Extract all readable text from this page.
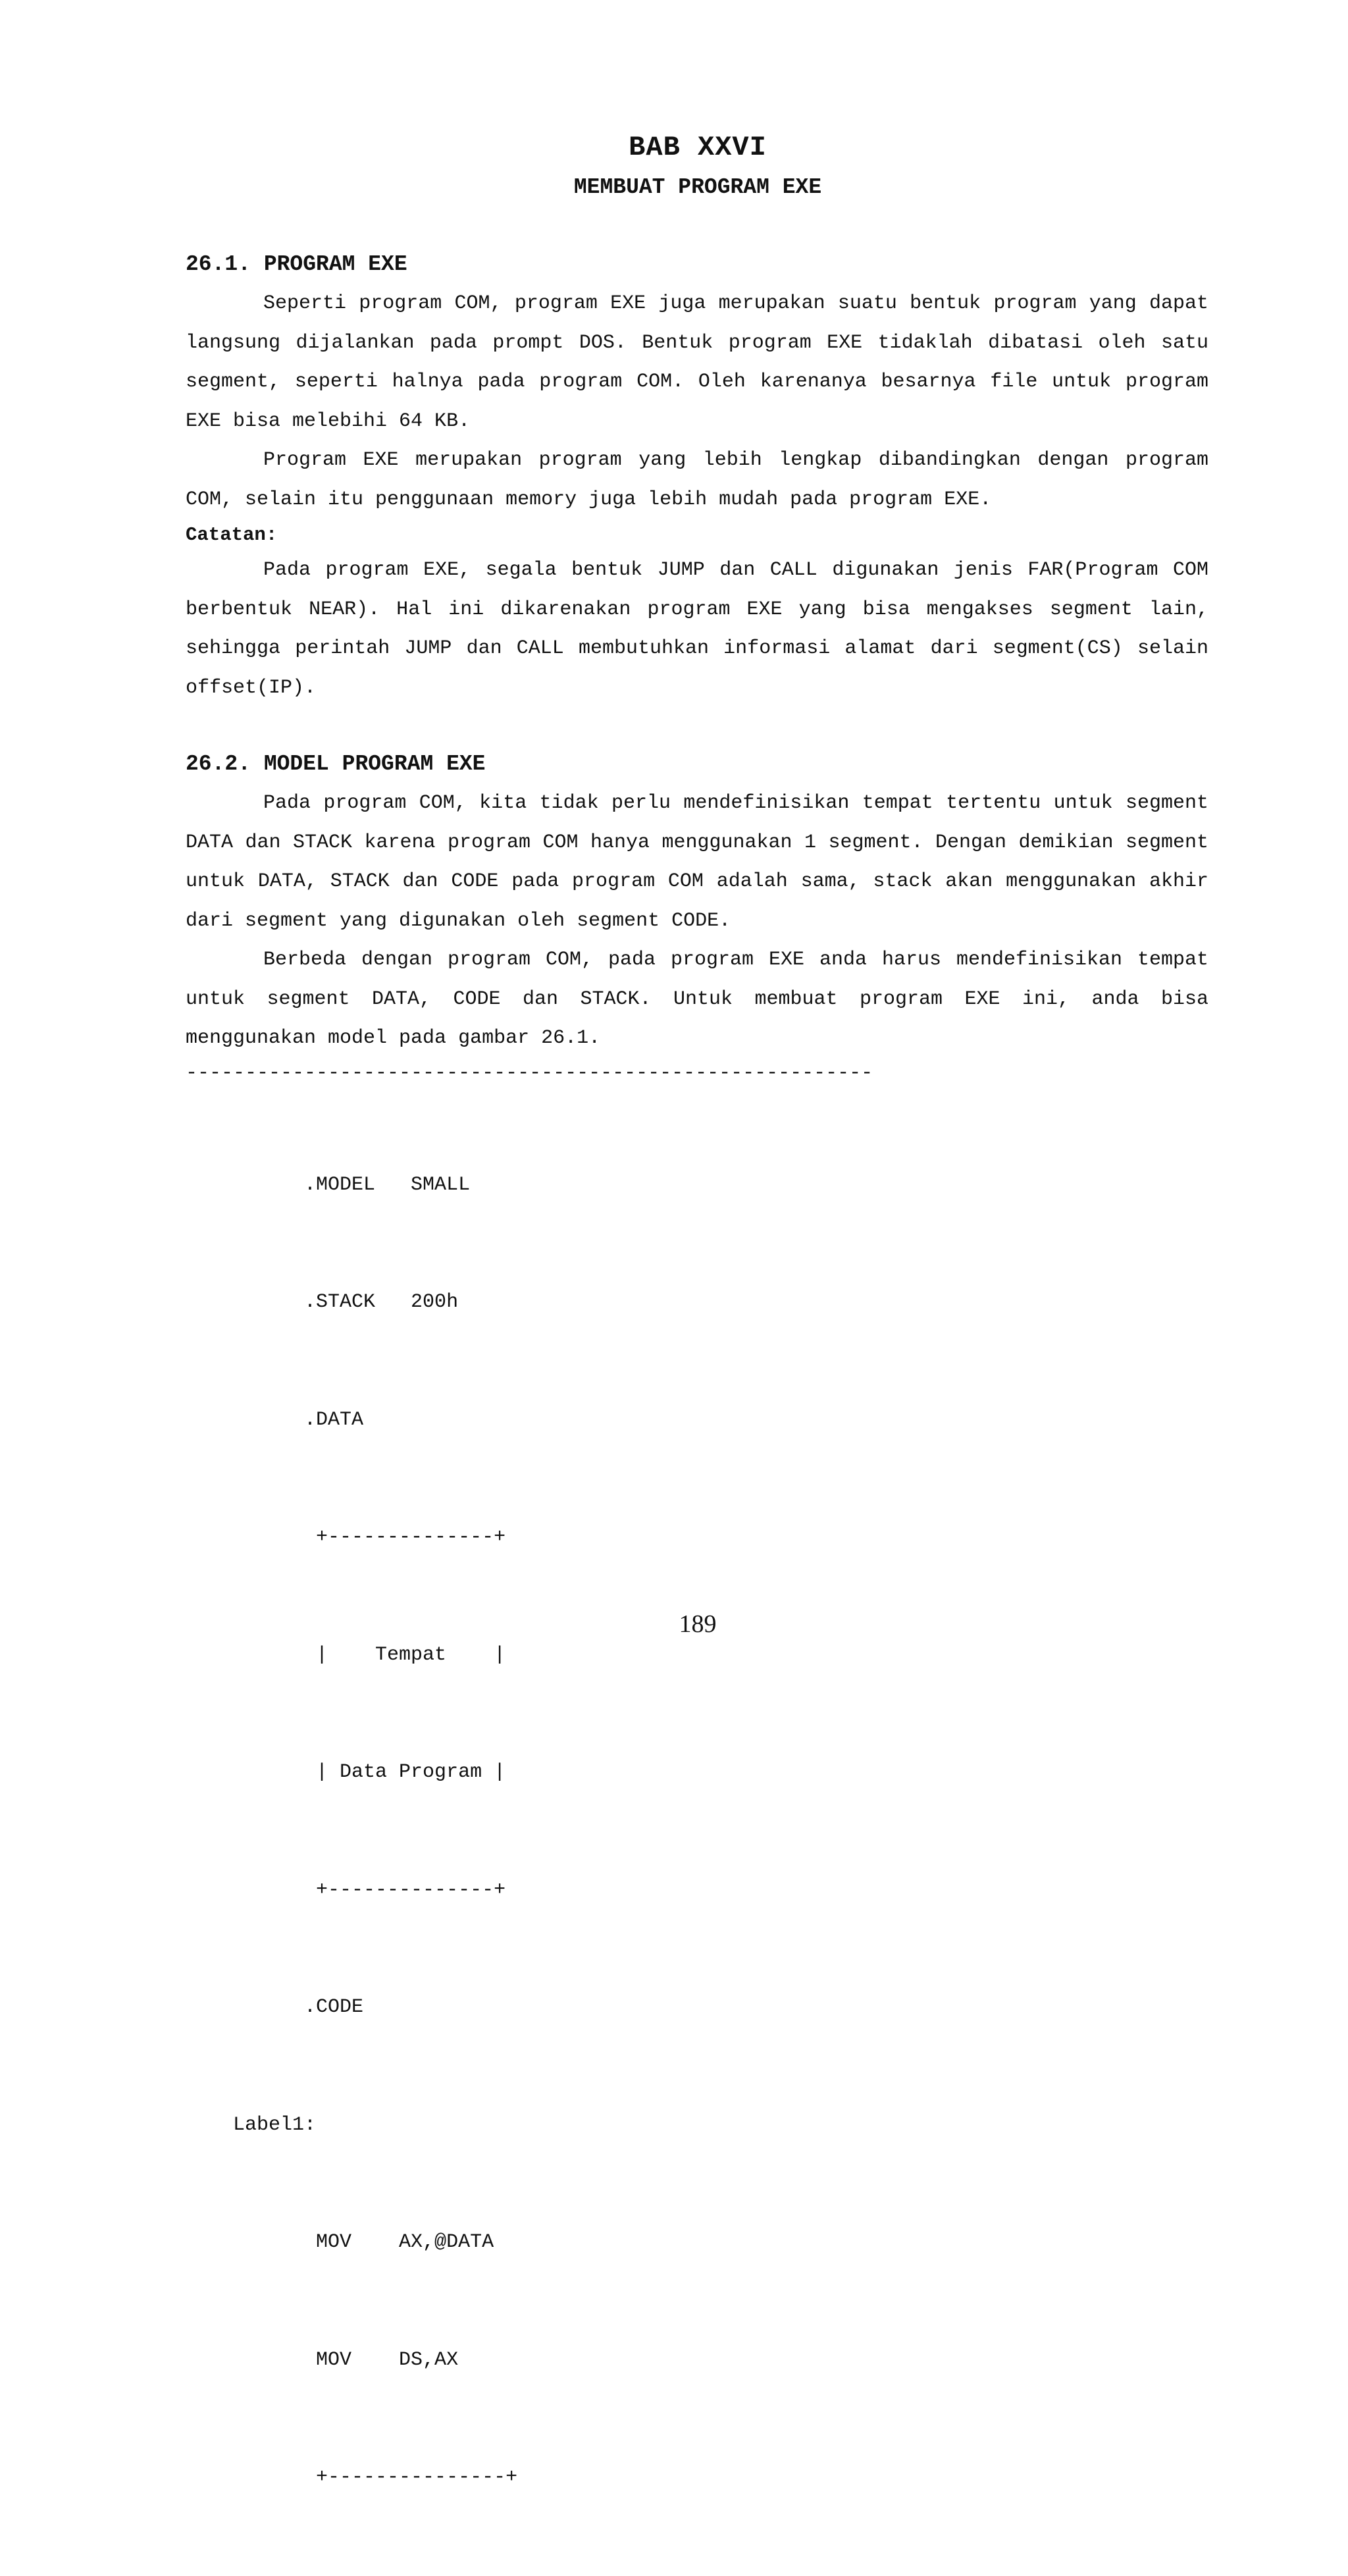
BAB XXVI
MEMBUAT PROGRAM EXE
26.1. PROGRAM EXE

Seperti program COM, program EXE juga merupakan suatu bentuk program yang dapat langsung dijalankan pada prompt DOS. Bentuk program EXE tidaklah dibatasi oleh satu segment, seperti halnya pada program COM. Oleh karenanya besarnya file untuk program EXE bisa melebihi 64 KB.

Program EXE merupakan program yang lebih lengkap dibandingkan dengan program COM, selain itu penggunaan memory juga lebih mudah pada program EXE.

Catatan:

Pada program EXE, segala bentuk JUMP dan CALL digunakan jenis FAR(Program COM berbentuk NEAR). Hal ini dikarenakan program EXE yang bisa mengakses segment lain, sehingga perintah JUMP dan CALL membutuhkan informasi alamat dari segment(CS) selain offset(IP).

26.2. MODEL PROGRAM EXE

Pada program COM, kita tidak perlu mendefinisikan tempat tertentu untuk segment DATA dan STACK karena program COM hanya menggunakan 1 segment. Dengan demikian segment untuk DATA, STACK dan CODE pada program COM adalah sama, stack akan menggunakan akhir dari segment yang digunakan oleh segment CODE.

Berbeda dengan program COM, pada program EXE anda harus mendefinisikan tempat untuk segment DATA, CODE dan STACK. Untuk membuat program EXE ini, anda bisa menggunakan model pada gambar 26.1.

----------------------------------------------------------

.MODEL   SMALL

.STACK   200h

.DATA

+--------------+

|    Tempat    |

| Data Program |

+--------------+

.CODE

Label1:

MOV    AX,@DATA

MOV    DS,AX

+---------------+

189
